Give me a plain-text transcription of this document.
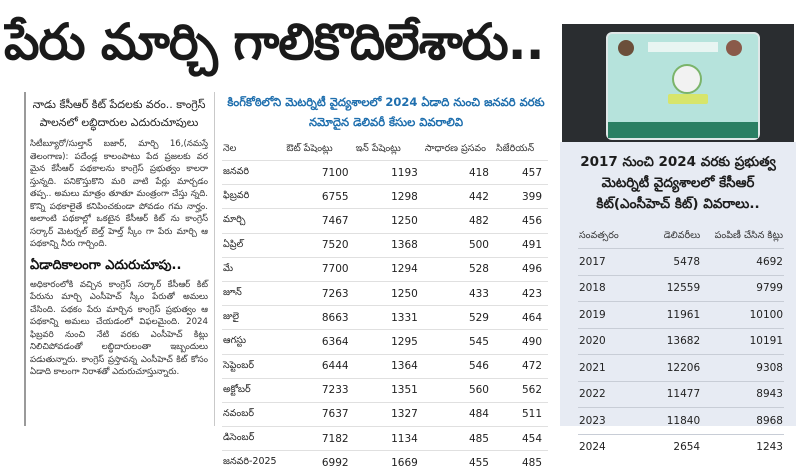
పేరు మార్చి గాలికొదిలేశారు..
నాడు కేసీఆర్ కిట్ పేదలకు వరం.. కాంగ్రెస్ పాలనలో లబ్ధిదారుల ఎదురుచూపులు
సిటీబ్యూరో/సుల్తాన్ బజార్, మార్చి 16,(నమస్తే తెలంగాణ): పదేండ్ల కాలంపాటు పేద ప్రజలకు వర మైన కేసీఆర్ పథకాలను కాంగ్రెస్ ప్రభుత్వం కాలరా స్తున్నది. పనికొస్తుకొని మరి వాటి పేర్లు మార్చడం తప్ప.. అమలు మాత్రం తూతూ మంత్రంగా చేస్తు న్నది. కొన్ని పథకాలైతే కనిపించకుండా పోవడం గమ నార్హం. అలాంటి పథకాల్లో ఒకటైన కేసీఆర్ కిట్ ను కాంగ్రెస్ సర్కార్ మెటర్నల్ బెల్త్ హెల్త్ స్కీం గా పేరు మార్చి ఆ పథకాన్ని నీరు గార్చింది.
ఏడాదికాలంగా ఎదురుచూపు..
అధికారంలోకి వచ్చిన కాంగ్రెస్ సర్కార్ కేసీఆర్ కిట్ పేరును మార్చి ఎంసీహెచ్ స్కీం పేరుతో అమలు చేసింది. పథకం పేరు మార్చిన కాంగ్రెస్ ప్రభుత్వం ఆ పథకాన్ని అమలు చేయడంలో విఫలమైంది. 2024 ఫిబ్రవరి నుంచి నేటి వరకు ఎంసీహెచ్ కిట్లు నిలిచిపోవడంతో లబ్ధిదారులంతా ఇబ్బందులు పడుతున్నారు. కాంగ్రెస్ ప్రస్తావన్న ఎంసీహెచ్ కిట్ కోసం ఏడాది కాలంగా నిరాశతో ఎదురుచూస్తున్నారు.
కింగ్‌కోఠిలోని మెటర్నిటీ వైద్యశాలలో 2024 ఏడాది నుంచి జనవరి వరకు నమోదైన డెలివరీ కేసుల వివరాలివి
నెల	ఔట్ పేషెంట్లు	ఇన్ పేషెంట్లు	సాధారణ ప్రసవం	సిజేరియన్
జనవరి	7100	1193	418	457
ఫిబ్రవరి	6755	1298	442	399
మార్చి	7467	1250	482	456
ఏప్రిల్	7520	1368	500	491
మే	7700	1294	528	496
జూన్	7263	1250	433	423
జులై	8663	1331	529	464
ఆగస్టు	6364	1295	545	490
సెప్టెంబర్	6444	1364	546	472
అక్టోబర్	7233	1351	560	562
నవంబర్	7637	1327	484	511
డిసెంబర్	7182	1134	485	454
జనవరి-2025	6992	1669	455	485
2017 నుంచి 2024 వరకు ప్రభుత్వ మెటర్నిటీ వైద్యశాలలో కేసీఆర్ కిట్(ఎంసీహెచ్ కిట్) వివరాలు..
సంవత్సరం	డెలివరీలు	పంపిణీ చేసిన కిట్లు
2017	5478	4692
2018	12559	9799
2019	11961	10100
2020	13682	10191
2021	12206	9308
2022	11477	8943
2023	11840	8968
2024	2654	1243
